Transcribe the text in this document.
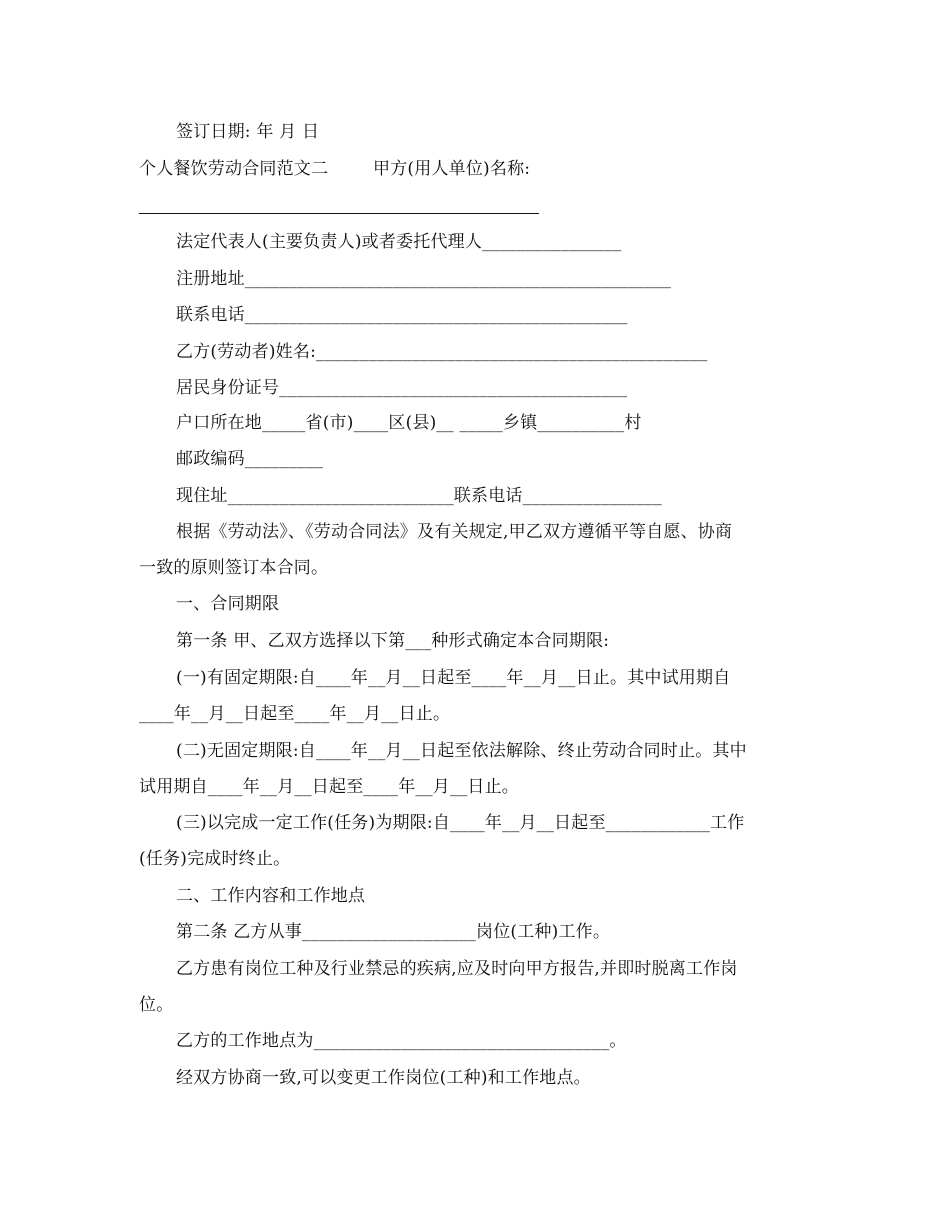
签订日期: 年 月 日
个人餐饮劳动合同范文二        甲方(用人单位)名称:
法定代表人(主要负责人)或者委托代理人________________
注册地址_________________________________________________
联系电话____________________________________________
乙方(劳动者)姓名:_____________________________________________
居民身份证号________________________________________
户口所在地_____省(市)____区(县)__ _____乡镇__________村
邮政编码_________
现住址__________________________联系电话________________
根据《劳动法》、《劳动合同法》及有关规定,甲乙双方遵循平等自愿、协商
一致的原则签订本合同。
一、合同期限
第一条 甲、乙双方选择以下第___种形式确定本合同期限:
(一)有固定期限:自____年__月__日起至____年__月__日止。其中试用期自
____年__月__日起至____年__月__日止。
(二)无固定期限:自____年__月__日起至依法解除、终止劳动合同时止。其中
试用期自____年__月__日起至____年__月__日止。
(三)以完成一定工作(任务)为期限:自____年__月__日起至____________工作
(任务)完成时终止。
二、工作内容和工作地点
第二条 乙方从事____________________岗位(工种)工作。
乙方患有岗位工种及行业禁忌的疾病,应及时向甲方报告,并即时脱离工作岗
位。
乙方的工作地点为__________________________________。
经双方协商一致,可以变更工作岗位(工种)和工作地点。
